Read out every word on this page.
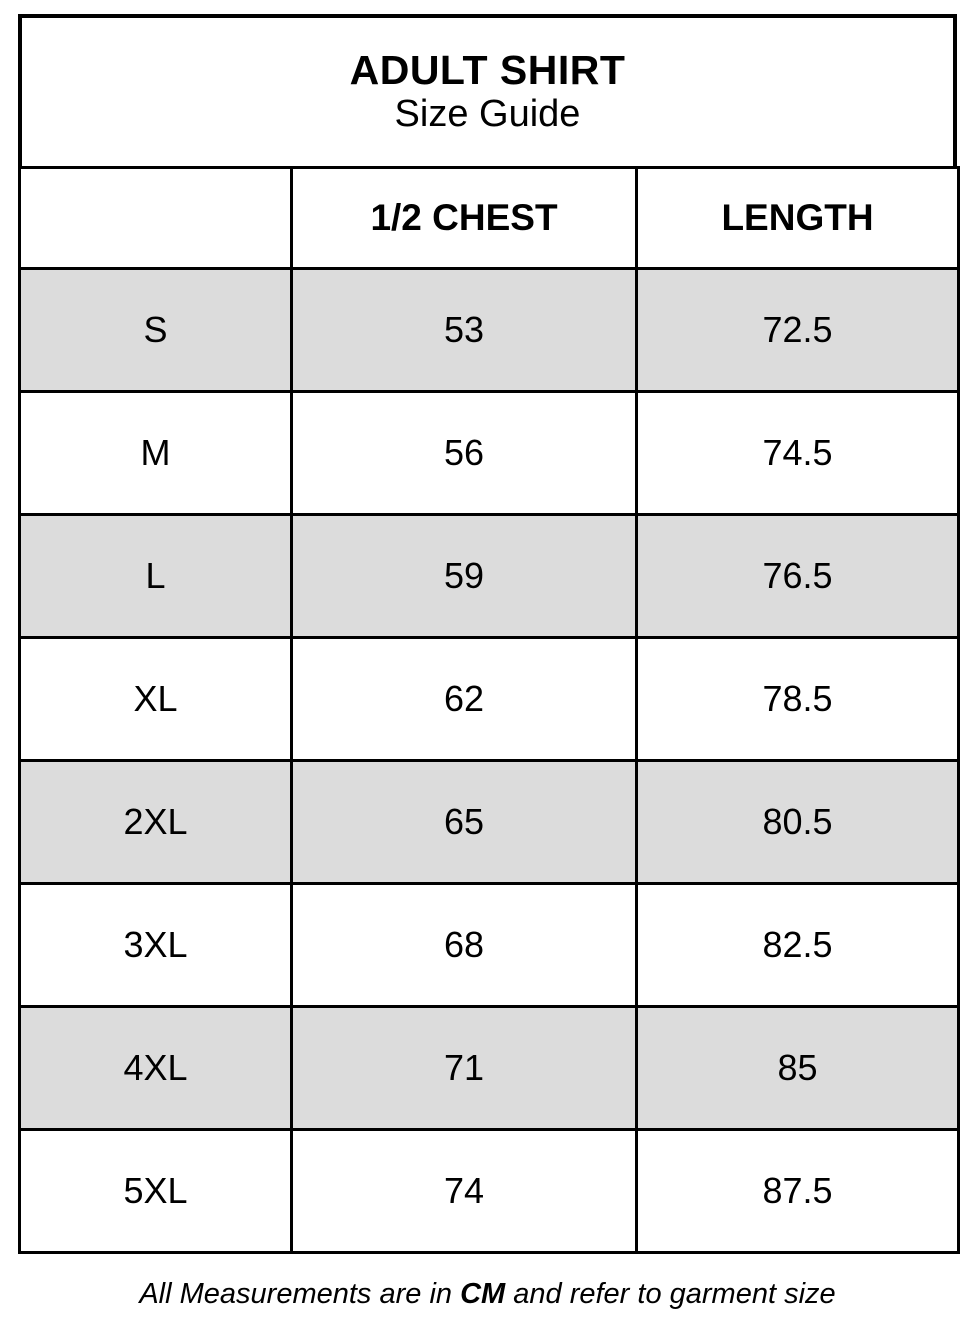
ADULT SHIRT
Size Guide
	1/2 CHEST	LENGTH
S	53	72.5
M	56	74.5
L	59	76.5
XL	62	78.5
2XL	65	80.5
3XL	68	82.5
4XL	71	85
5XL	74	87.5
All Measurements are in CM and refer to garment size
